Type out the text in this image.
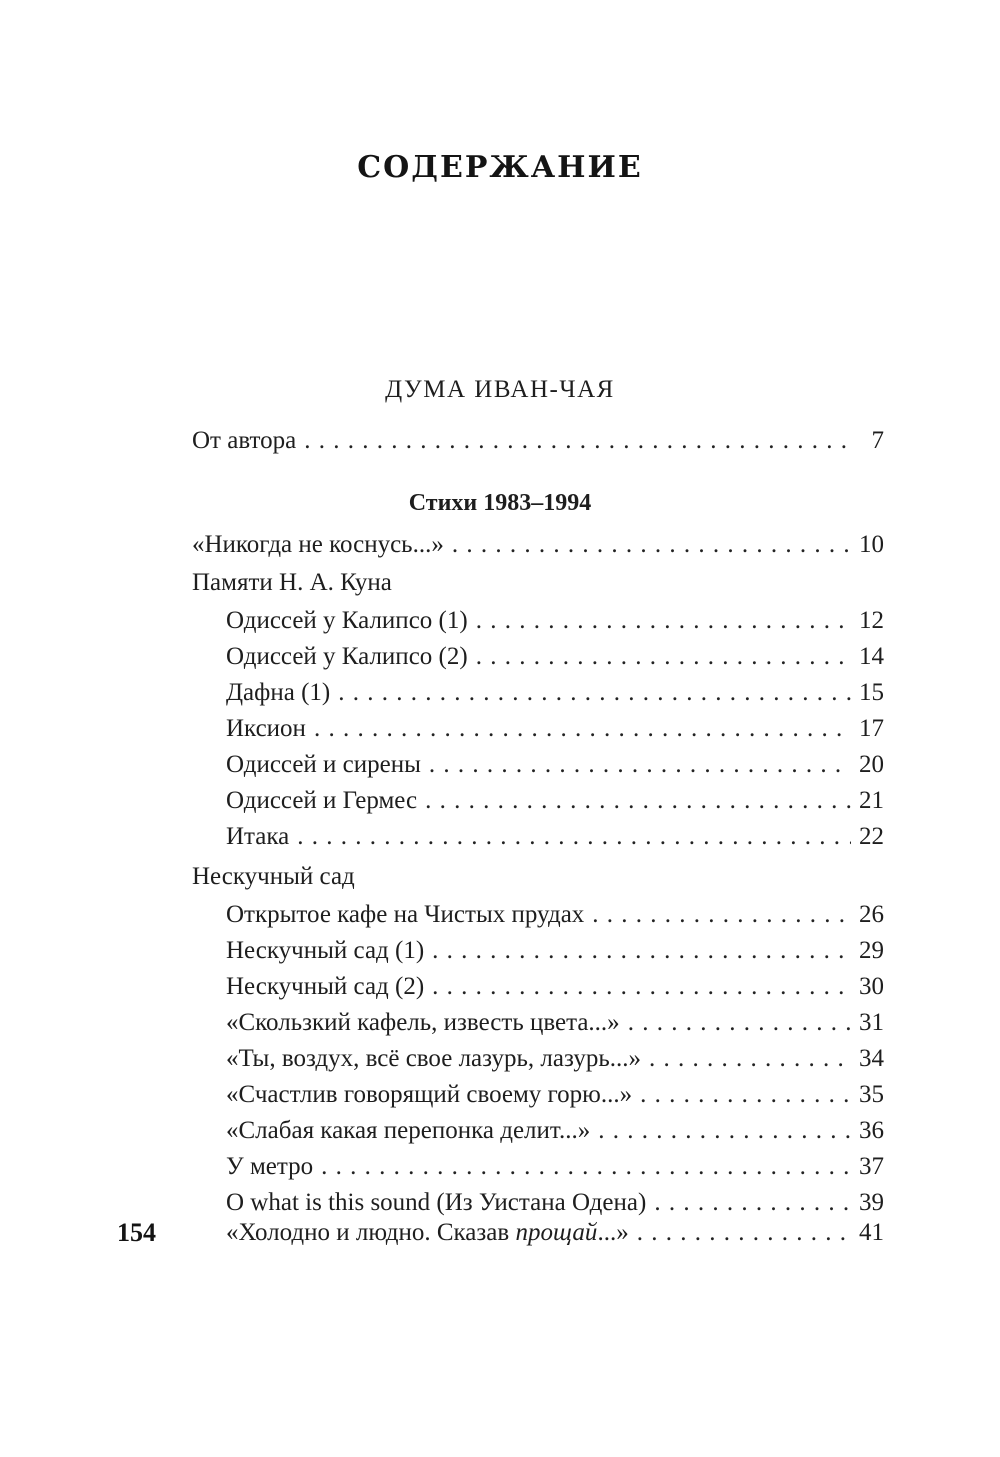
СОДЕРЖАНИЕ
ДУМА ИВАН-ЧАЯ
От автора . . .	7
Стихи 1983–1994
«Никогда не коснусь...» . . .	10
Памяти Н. А. Куна
Одиссей у Калипсо (1) . . .	12
Одиссей у Калипсо (2) . . .	14
Дафна (1) . . .	15
Иксион . . .	17
Одиссей и сирены . . .	20
Одиссей и Гермес . . .	21
Итака . . .	22
Нескучный сад
Открытое кафе на Чистых прудах . . .	26
Нескучный сад (1) . . .	29
Нескучный сад (2) . . .	30
«Скользкий кафель, известь цвета...» . . .	31
«Ты, воздух, всё свое лазурь, лазурь...» . . .	34
«Счастлив говорящий своему горю...» . . .	35
«Слабая какая перепонка делит...» . . .	36
У метро . . .	37
O what is this sound (Из Уистана Одена) . . .	39
«Холодно и людно. Сказав прощай...» . . .	41
154
